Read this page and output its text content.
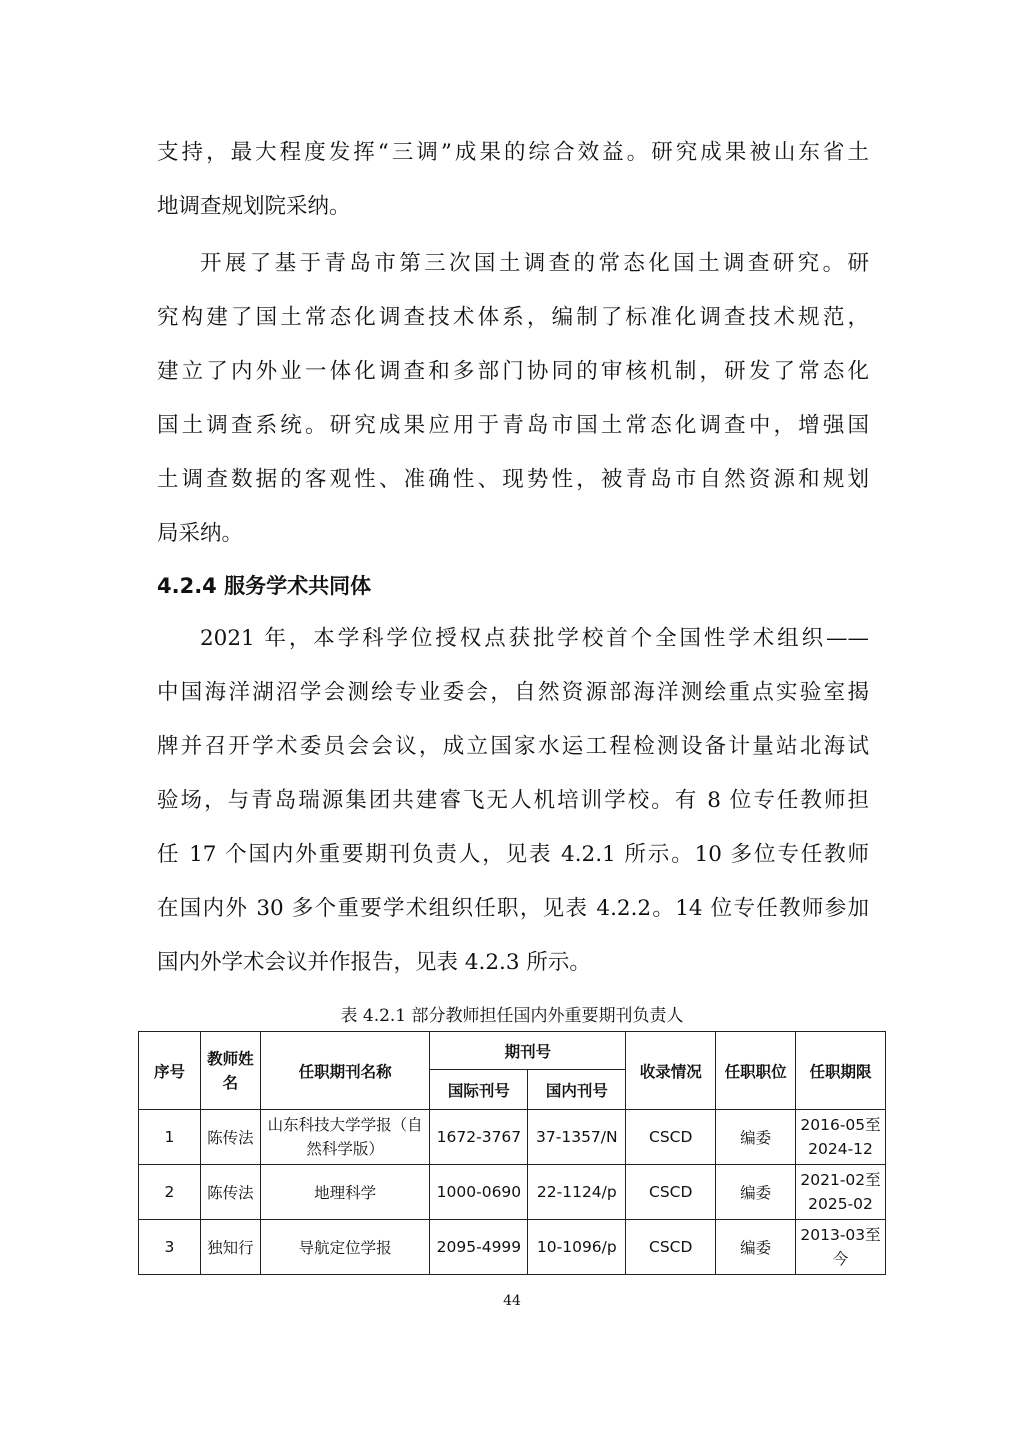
支持，最大程度发挥“三调”成果的综合效益。研究成果被山东省土
地调查规划院采纳。
开展了基于青岛市第三次国土调查的常态化国土调查研究。研
究构建了国土常态化调查技术体系，编制了标准化调查技术规范，
建立了内外业一体化调查和多部门协同的审核机制，研发了常态化
国土调查系统。研究成果应用于青岛市国土常态化调查中，增强国
土调查数据的客观性、准确性、现势性，被青岛市自然资源和规划
局采纳。
4.2.4 服务学术共同体
2021 年，本学科学位授权点获批学校首个全国性学术组织——
中国海洋湖沼学会测绘专业委会，自然资源部海洋测绘重点实验室揭
牌并召开学术委员会会议，成立国家水运工程检测设备计量站北海试
验场，与青岛瑞源集团共建睿飞无人机培训学校。有 8 位专任教师担
任 17 个国内外重要期刊负责人，见表 4.2.1 所示。10 多位专任教师
在国内外 30 多个重要学术组织任职，见表 4.2.2。14 位专任教师参加
国内外学术会议并作报告，见表 4.2.3 所示。
表 4.2.1 部分教师担任国内外重要期刊负责人
序号	教师姓名	任职期刊名称	期刊号		收录情况	任职职位	任职期限
			国际刊号	国内刊号			
1	陈传法	山东科技大学学报（自然科学版）	1672-3767	37-1357/N	CSCD	编委	2016-05至2024-12
2	陈传法	地理科学	1000-0690	22-1124/p	CSCD	编委	2021-02至2025-02
3	独知行	导航定位学报	2095-4999	10-1096/p	CSCD	编委	2013-03至今
44
